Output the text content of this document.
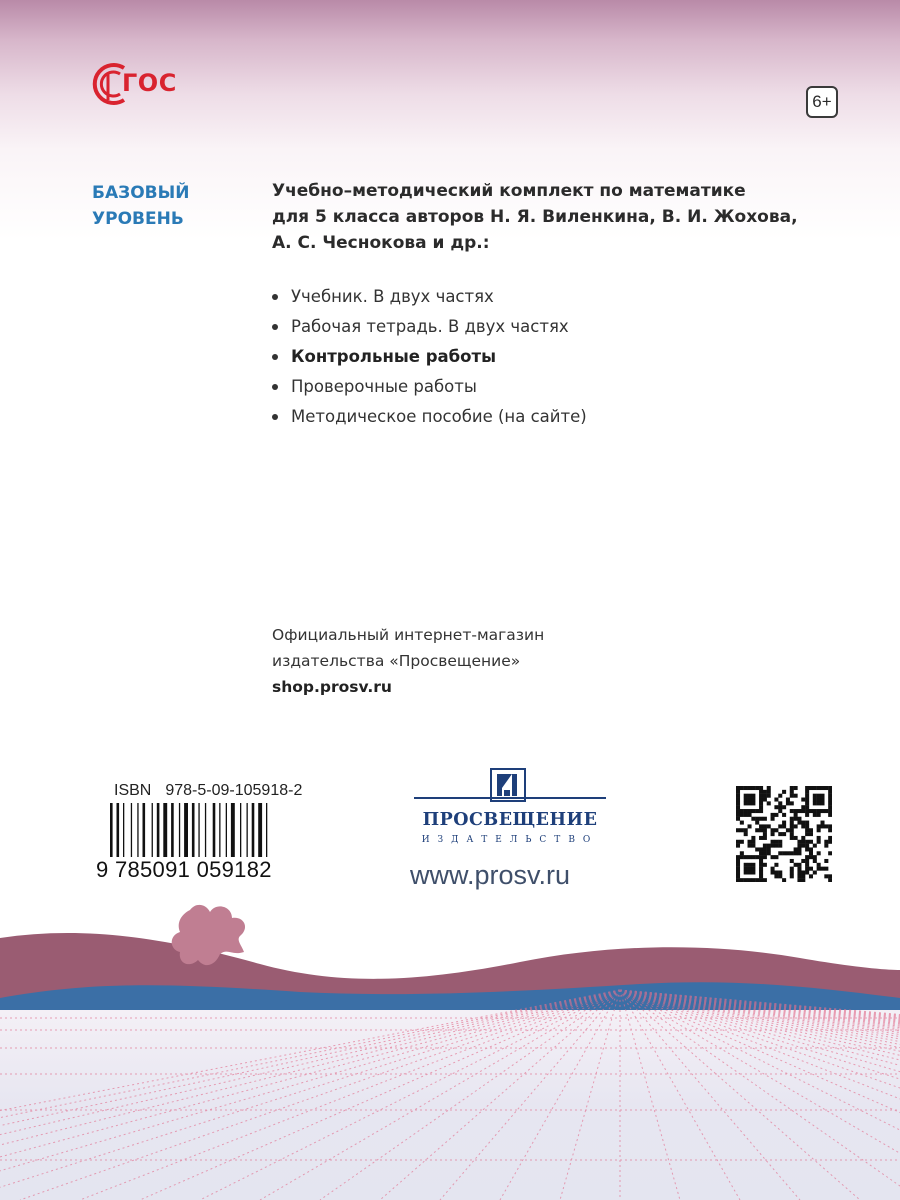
ГОС
6+
БАЗОВЫЙ
УРОВЕНЬ
Учебно–методический комплект по математике
для 5 класса авторов Н. Я. Виленкина, В. И. Жохова,
А. С. Чеснокова и др.:
Учебник. В двух частях
Рабочая тетрадь. В двух частях
Контрольные работы
Проверочные работы
Методическое пособие (на сайте)
Официальный интернет-магазин
издательства «Просвещение»
shop.prosv.ru
ISBN 978-5-09-105918-2
9 785091 059182
ПРОСВЕЩЕНИЕ
ИЗДАТЕЛЬСТВО
www.prosv.ru
